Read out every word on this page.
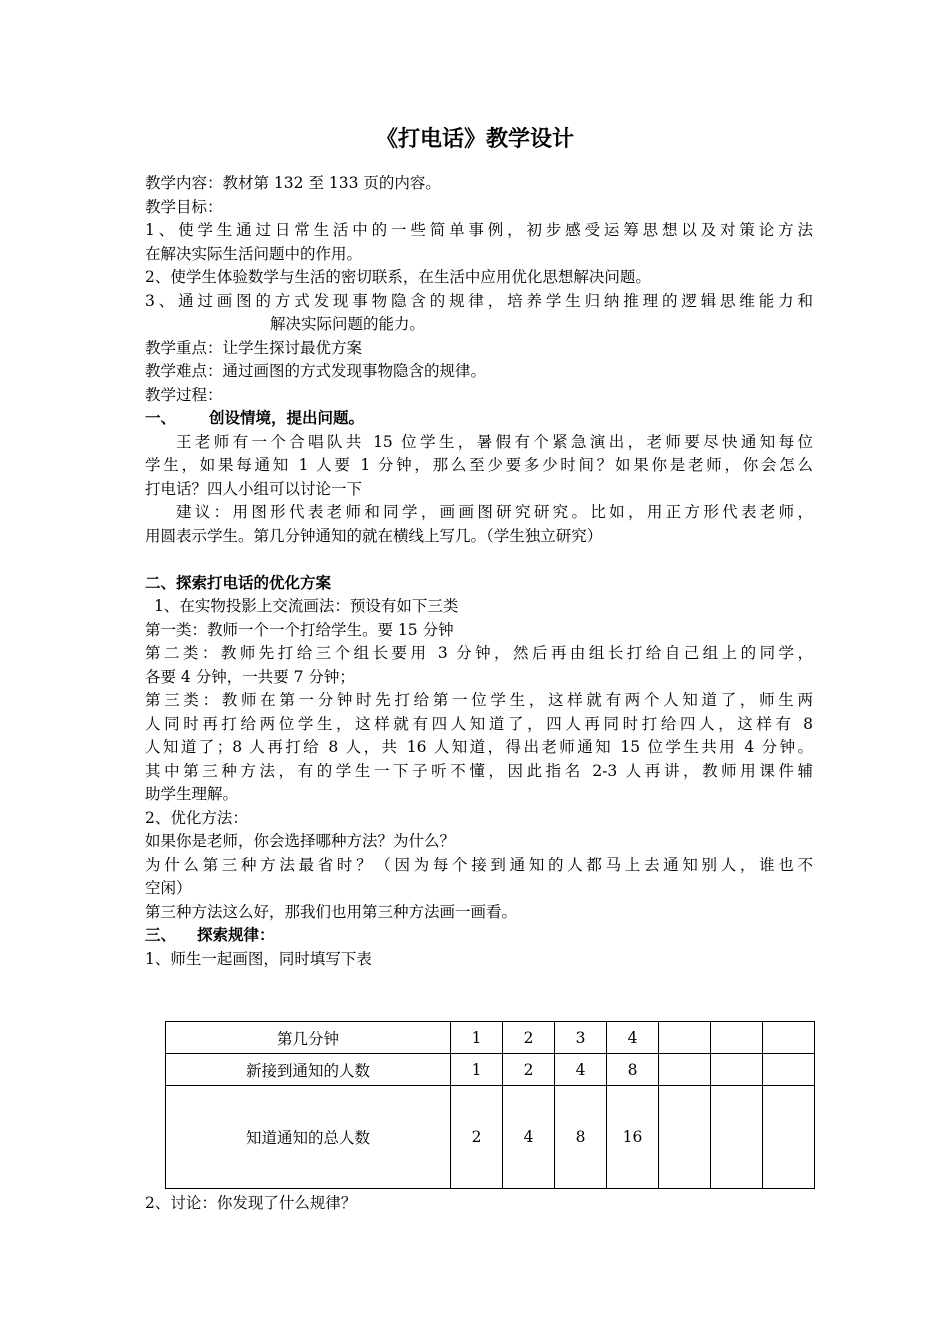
《打电话》教学设计
教学内容：教材第 132 至 133 页的内容。
教学目标：
1、使学生通过日常生活中的一些简单事例，初步感受运筹思想以及对策论方法
在解决实际生活问题中的作用。
2、使学生体验数学与生活的密切联系，在生活中应用优化思想解决问题。
3、通过画图的方式发现事物隐含的规律，培养学生归纳推理的逻辑思维能力和
解决实际问题的能力。
教学重点：让学生探讨最优方案
教学难点：通过画图的方式发现事物隐含的规律。
教学过程：
一、 创设情境，提出问题。
王老师有一个合唱队共 15 位学生，暑假有个紧急演出，老师要尽快通知每位
学生，如果每通知 1 人要 1 分钟，那么至少要多少时间？如果你是老师，你会怎么
打电话？四人小组可以讨论一下
建议：用图形代表老师和同学，画画图研究研究。比如，用正方形代表老师，
用圆表示学生。第几分钟通知的就在横线上写几。（学生独立研究）
二、探索打电话的优化方案
1、在实物投影上交流画法：预设有如下三类
第一类：教师一个一个打给学生。要 15 分钟
第二类：教师先打给三个组长要用 3 分钟，然后再由组长打给自己组上的同学，
各要 4 分钟，一共要 7 分钟；
第三类：教师在第一分钟时先打给第一位学生，这样就有两个人知道了，师生两
人同时再打给两位学生，这样就有四人知道了，四人再同时打给四人，这样有 8
人知道了；8 人再打给 8 人，共 16 人知道，得出老师通知 15 位学生共用 4 分钟。
其中第三种方法，有的学生一下子听不懂，因此指名 2-3 人再讲，教师用课件辅
助学生理解。
2、优化方法：
如果你是老师，你会选择哪种方法？为什么？
为什么第三种方法最省时？（因为每个接到通知的人都马上去通知别人，谁也不
空闲）
第三种方法这么好，那我们也用第三种方法画一画看。
三、 探索规律：
1、师生一起画图，同时填写下表
第几分钟	1	2	3	4			
新接到通知的人数	1	2	4	8			
知道通知的总人数	2	4	8	16			
2、讨论：你发现了什么规律？
